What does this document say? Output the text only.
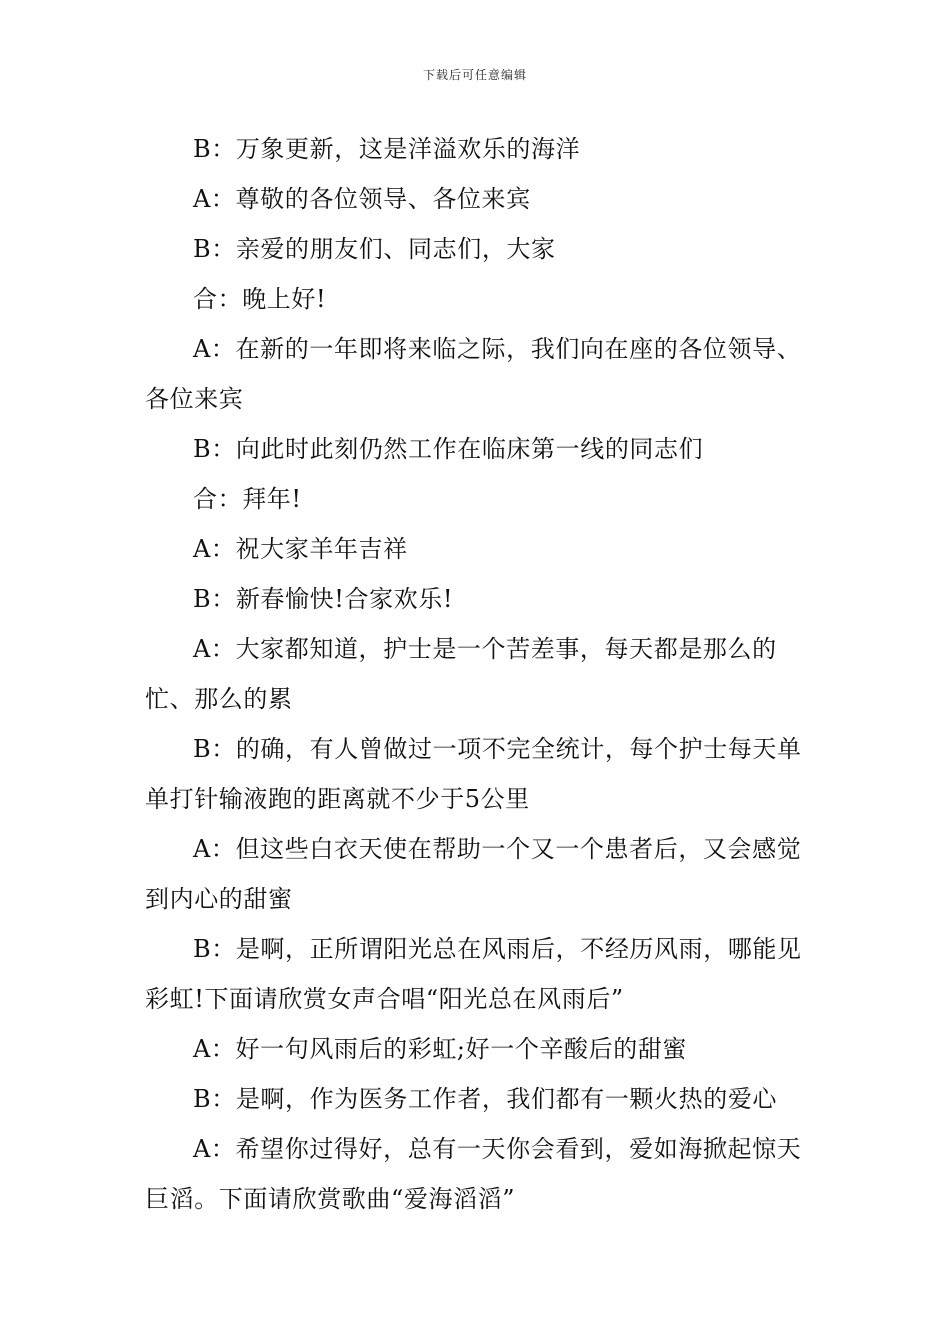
下载后可任意编辑

B：万象更新，这是洋溢欢乐的海洋

A：尊敬的各位领导、各位来宾

B：亲爱的朋友们、同志们，大家

合：晚上好!

A：在新的一年即将来临之际，我们向在座的各位领导、各位来宾

B：向此时此刻仍然工作在临床第一线的同志们

合：拜年!

A：祝大家羊年吉祥

B：新春愉快!合家欢乐!

A：大家都知道，护士是一个苦差事，每天都是那么的忙、那么的累

B：的确，有人曾做过一项不完全统计，每个护士每天单单打针输液跑的距离就不少于5公里

A：但这些白衣天使在帮助一个又一个患者后，又会感觉到内心的甜蜜

B：是啊，正所谓阳光总在风雨后，不经历风雨，哪能见彩虹!下面请欣赏女声合唱“阳光总在风雨后”

A：好一句风雨后的彩虹;好一个辛酸后的甜蜜

B：是啊，作为医务工作者，我们都有一颗火热的爱心

A：希望你过得好，总有一天你会看到，爱如海掀起惊天巨滔。下面请欣赏歌曲“爱海滔滔”
